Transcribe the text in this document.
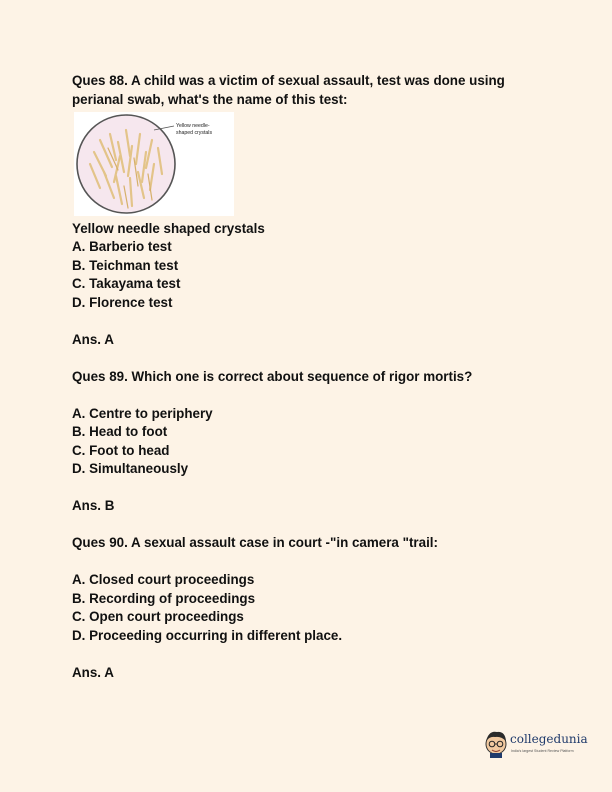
Ques 88. A child was a victim of sexual assault, test was done using

perianal swab, what's the name of this test:

Yellow needle-
shaped crystals

Yellow needle shaped crystals

A. Barberio test

B. Teichman test

C. Takayama test

D. Florence test

Ans. A

Ques 89. Which one is correct about sequence of rigor mortis?

A. Centre to periphery

B. Head to foot

C. Foot to head

D. Simultaneously

Ans. B

Ques 90. A sexual assault case in court -"in camera "trail:

A. Closed court proceedings

B. Recording of proceedings

C. Open court proceedings

D. Proceeding occurring in different place.

Ans. A

collegedunia
India's largest Student Review Platform
